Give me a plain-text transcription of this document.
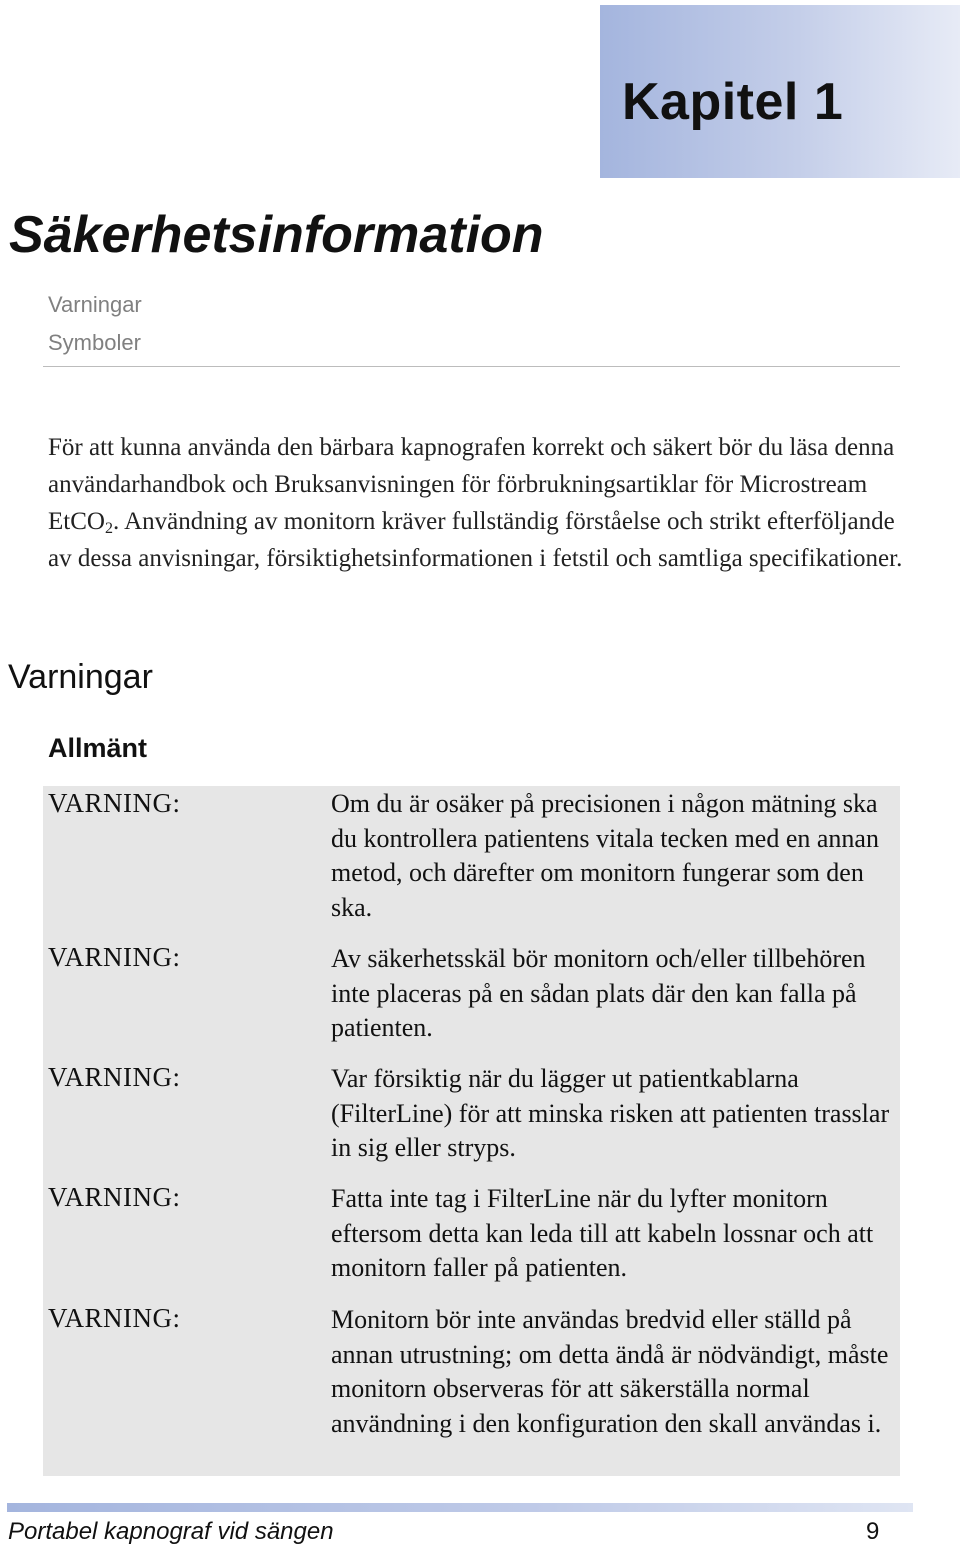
Kapitel 1
Säkerhetsinformation
Varningar
Symboler

För att kunna använda den bärbara kapnografen korrekt och säkert bör du läsa denna användarhandbok och Bruksanvisningen för förbrukningsartiklar för Microstream EtCO$_2$. Användning av monitorn kräver fullständig förståelse och strikt efterföljande av dessa anvisningar, försiktighetsinformationen i fetstil och samtliga specifikationer.

Varningar
Allmänt
VARNING:	Om du är osäker på precisionen i någon mätning ska du kontrollera patientens vitala tecken med en annan metod, och därefter om monitorn fungerar som den ska.
VARNING:	Av säkerhetsskäl bör monitorn och/eller tillbehören inte placeras på en sådan plats där den kan falla på patienten.
VARNING:	Var försiktig när du lägger ut patientkablarna (FilterLine) för att minska risken att patienten trasslar in sig eller stryps.
VARNING:	Fatta inte tag i FilterLine när du lyfter monitorn eftersom detta kan leda till att kabeln lossnar och att monitorn faller på patienten.
VARNING:	Monitorn bör inte användas bredvid eller ställd på annan utrustning; om detta ändå är nödvändigt, måste monitorn observeras för att säkerställa normal användning i den konfiguration den skall användas i.
Portabel kapnograf vid sängen	9
